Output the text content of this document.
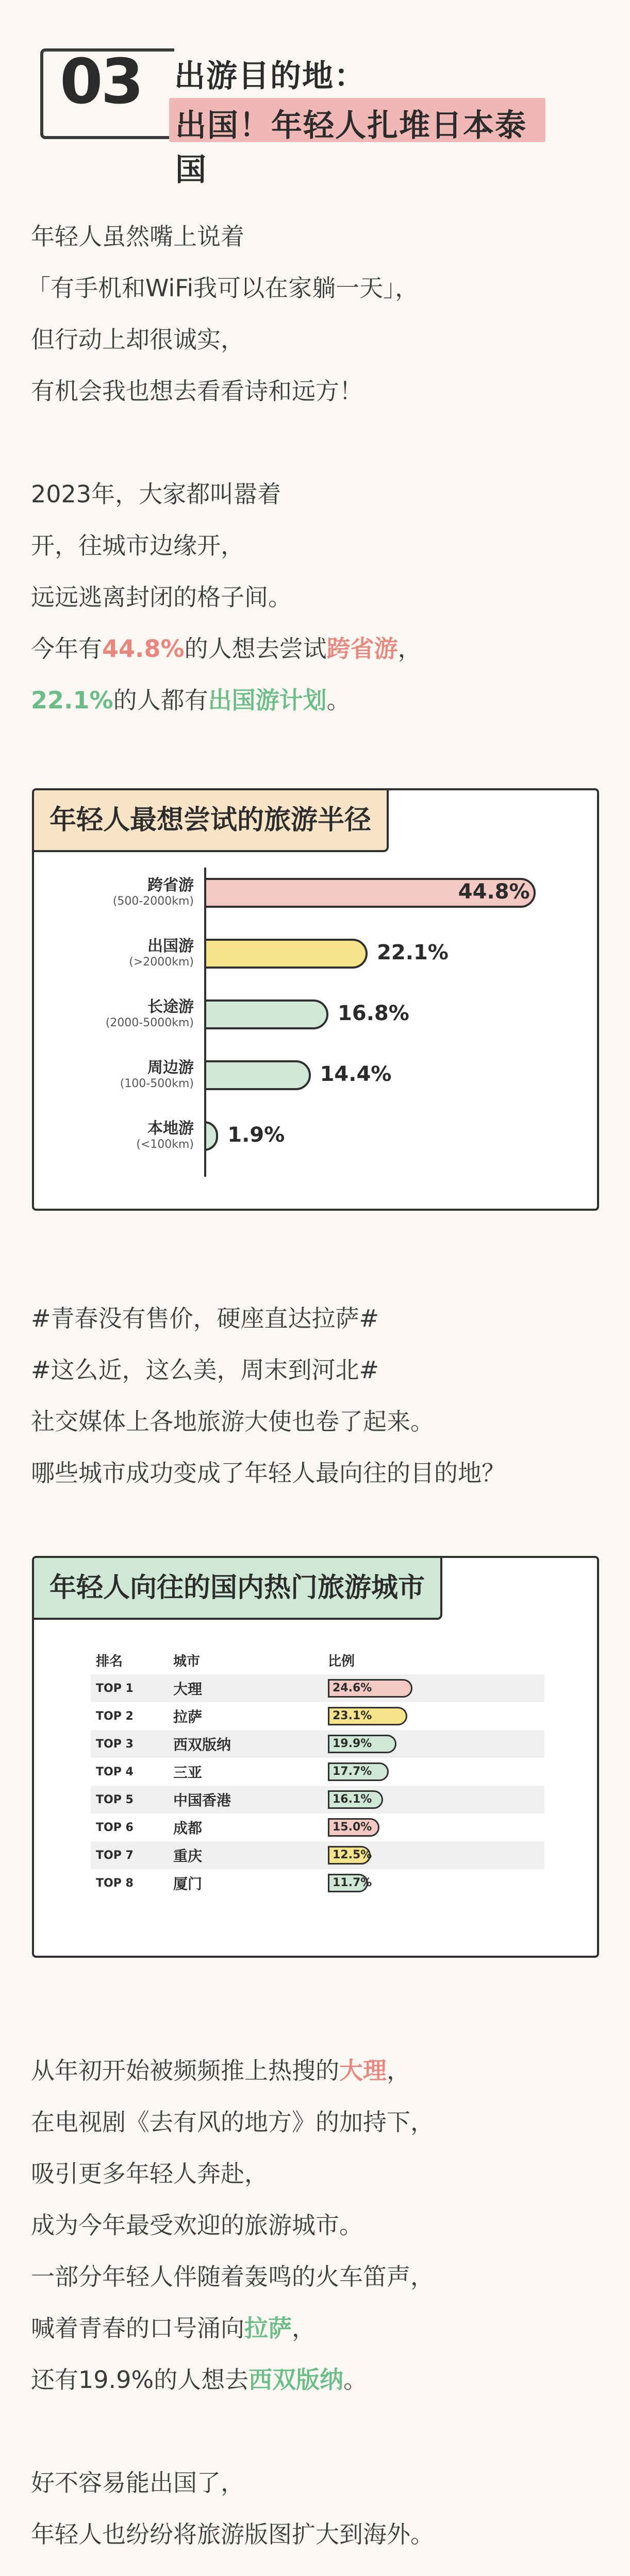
03 出游目的地：
出国！年轻人扎堆日本泰国
年轻人虽然嘴上说着
「有手机和WiFi我可以在家躺一天」，
但行动上却很诚实，
有机会我也想去看看诗和远方！
2023年，大家都叫嚣着
开，往城市边缘开，
远远逃离封闭的格子间。
今年有44.8%的人想去尝试跨省游，
22.1%的人都有出国游计划。
年轻人最想尝试的旅游半径
跨省游
(500-2000km)	44.8%
出国游
(>2000km)	22.1%
长途游
(2000-5000km)	16.8%
周边游
(100-500km)	14.4%
本地游
(<100km) 1.9%
#青春没有售价，硬座直达拉萨#
#这么近，这么美，周末到河北#
社交媒体上各地旅游大使也卷了起来。
哪些城市成功变成了年轻人最向往的目的地？
年轻人向往的国内热门旅游城市
排名	城市	比例
TOP 1	大理	24.6%
TOP 2	拉萨	23.1%
TOP 3	西双版纳	19.9%
TOP 4	三亚	17.7%
TOP 5	中国香港	16.1%
TOP 6	成都	15.0%
TOP 7	重庆	12.5%
TOP 8	厦门	11.7%
从年初开始被频频推上热搜的大理，
在电视剧《去有风的地方》的加持下，
吸引更多年轻人奔赴，
成为今年最受欢迎的旅游城市。
一部分年轻人伴随着轰鸣的火车笛声，
喊着青春的口号涌向拉萨，
还有19.9%的人想去西双版纳。
好不容易能出国了，
年轻人也纷纷将旅游版图扩大到海外。
